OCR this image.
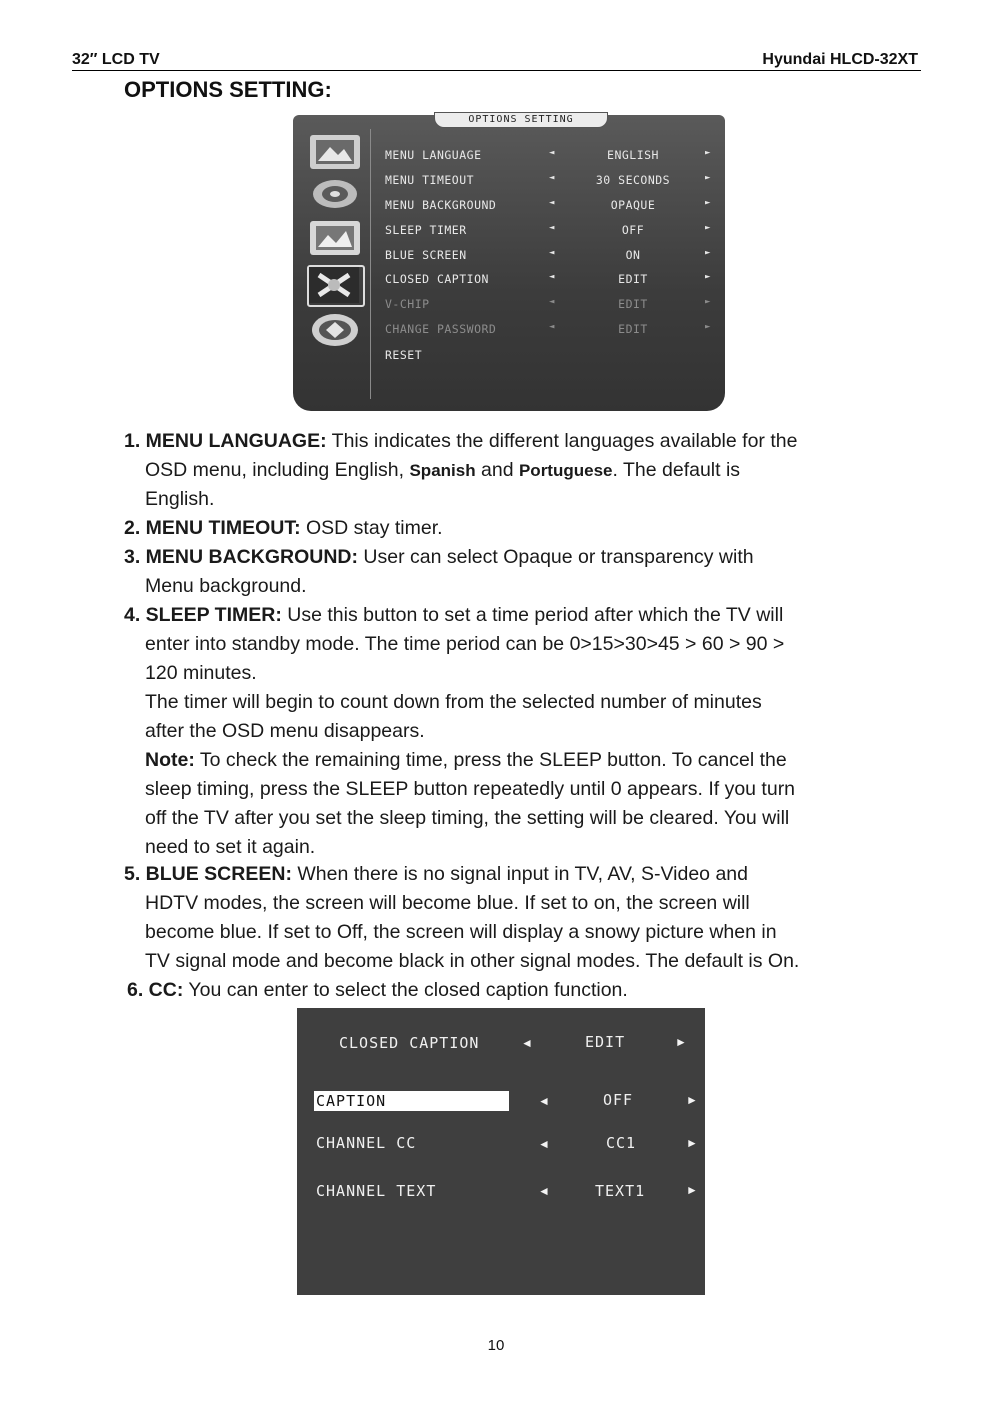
32″ LCD TV	Hyundai HLCD-32XT
OPTIONS SETTING:
OPTIONS SETTING
MENU LANGUAGE	◄	ENGLISH	►
MENU TIMEOUT	◄	30 SECONDS	►
MENU BACKGROUND	◄	OPAQUE	►
SLEEP TIMER	◄	OFF	►
BLUE SCREEN	◄	ON	►
CLOSED CAPTION	◄	EDIT	►
V-CHIP	◄	EDIT	►
CHANGE PASSWORD	◄	EDIT	►
RESET
1. MENU LANGUAGE: This indicates the different languages available for the
OSD menu, including English, Spanish and Portuguese. The default is
English.
2. MENU TIMEOUT: OSD stay timer.
3. MENU BACKGROUND: User can select Opaque or transparency with
Menu background.
4. SLEEP TIMER: Use this button to set a time period after which the TV will
enter into standby mode. The time period can be 0>15>30>45 > 60 > 90 >
120 minutes.
The timer will begin to count down from the selected number of minutes
after the OSD menu disappears.
Note: To check the remaining time, press the SLEEP button. To cancel the
sleep timing, press the SLEEP button repeatedly until 0 appears. If you turn
off the TV after you set the sleep timing, the setting will be cleared. You will
need to set it again.
5. BLUE SCREEN: When there is no signal input in TV, AV, S-Video and
HDTV modes, the screen will become blue. If set to on, the screen will
become blue. If set to Off, the screen will display a snowy picture when in
TV signal mode and become black in other signal modes. The default is On.
6. CC: You can enter to select the closed caption function.
CLOSED CAPTION	◄	EDIT	►
CAPTION	◄	OFF	►
CHANNEL CC	◄	CC1	►
CHANNEL TEXT	◄	TEXT1	►
10
